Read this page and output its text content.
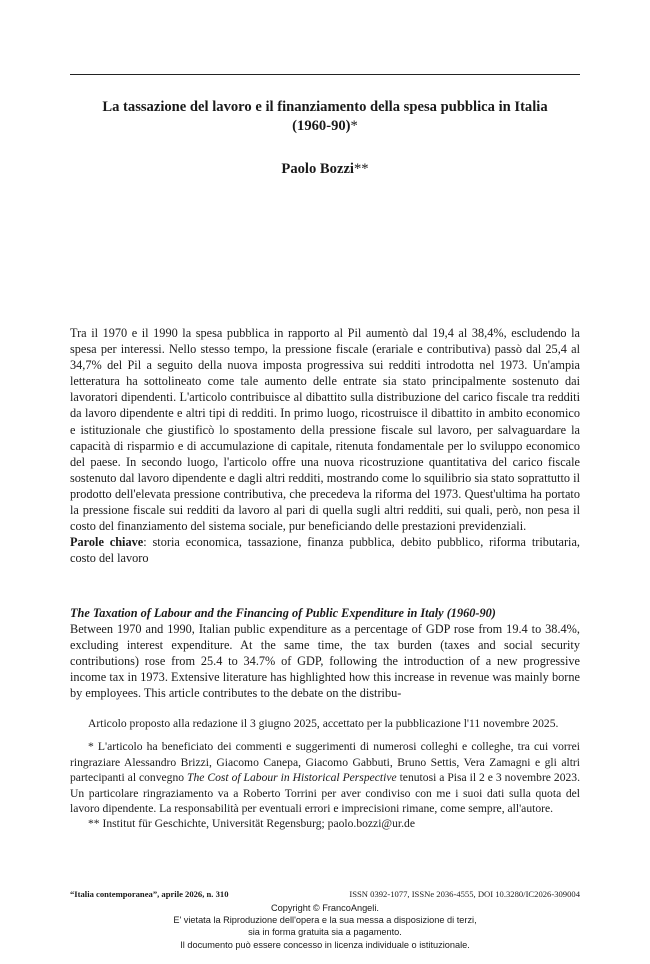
La tassazione del lavoro e il finanziamento della spesa pubblica in Italia
(1960-90)*
Paolo Bozzi**

Tra il 1970 e il 1990 la spesa pubblica in rapporto al Pil aumentò dal 19,4 al 38,4%, escludendo la spesa per interessi. Nello stesso tempo, la pressione fiscale (erariale e contributiva) passò dal 25,4 al 34,7% del Pil a seguito della nuova imposta progressiva sui redditi introdotta nel 1973. Un'ampia letteratura ha sottolineato come tale aumento delle entrate sia stato principalmente sostenuto dai lavoratori dipendenti. L'articolo contribuisce al dibattito sulla distribuzione del carico fiscale tra redditi da lavoro dipendente e altri tipi di redditi. In primo luogo, ricostruisce il dibattito in ambito economico e istituzionale che giustificò lo spostamento della pressione fiscale sul lavoro, per salvaguardare la capacità di risparmio e di accumulazione di capitale, ritenuta fondamentale per lo sviluppo economico del paese. In secondo luogo, l'articolo offre una nuova ricostruzione quantitativa del carico fiscale sostenuto dal lavoro dipendente e dagli altri redditi, mostrando come lo squilibrio sia stato soprattutto il prodotto dell'elevata pressione contributiva, che precedeva la riforma del 1973. Quest'ultima ha portato la pressione fiscale sui redditi da lavoro al pari di quella sugli altri redditi, sui quali, però, non pesa il costo del finanziamento del sistema sociale, pur beneficiando delle prestazioni previdenziali.

Parole chiave: storia economica, tassazione, finanza pubblica, debito pubblico, riforma tributaria, costo del lavoro

The Taxation of Labour and the Financing of Public Expenditure in Italy (1960-90)
Between 1970 and 1990, Italian public expenditure as a percentage of GDP rose from 19.4 to 38.4%, excluding interest expenditure. At the same time, the tax burden (taxes and social security contributions) rose from 25.4 to 34.7% of GDP, following the introduction of a new progressive income tax in 1973. Extensive literature has highlighted how this increase in revenue was mainly borne by employees. This article contributes to the debate on the distribu-

Articolo proposto alla redazione il 3 giugno 2025, accettato per la pubblicazione l'11 novembre 2025.

* L'articolo ha beneficiato dei commenti e suggerimenti di numerosi colleghi e colleghe, tra cui vorrei ringraziare Alessandro Brizzi, Giacomo Canepa, Giacomo Gabbuti, Bruno Settis, Vera Zamagni e gli altri partecipanti al convegno The Cost of Labour in Historical Perspective tenutosi a Pisa il 2 e 3 novembre 2023. Un particolare ringraziamento va a Roberto Torrini per aver condiviso con me i suoi dati sulla quota del lavoro dipendente. La responsabilità per eventuali errori e imprecisioni rimane, come sempre, all'autore.

** Institut für Geschichte, Universität Regensburg; paolo.bozzi@ur.de

“Italia contemporanea”, aprile 2026, n. 310	ISSN 0392-1077, ISSNe 2036-4555, DOI 10.3280/IC2026-309004
Copyright © FrancoAngeli.
E' vietata la Riproduzione dell'opera e la sua messa a disposizione di terzi,
sia in forma gratuita sia a pagamento.
Il documento può essere concesso in licenza individuale o istituzionale.
